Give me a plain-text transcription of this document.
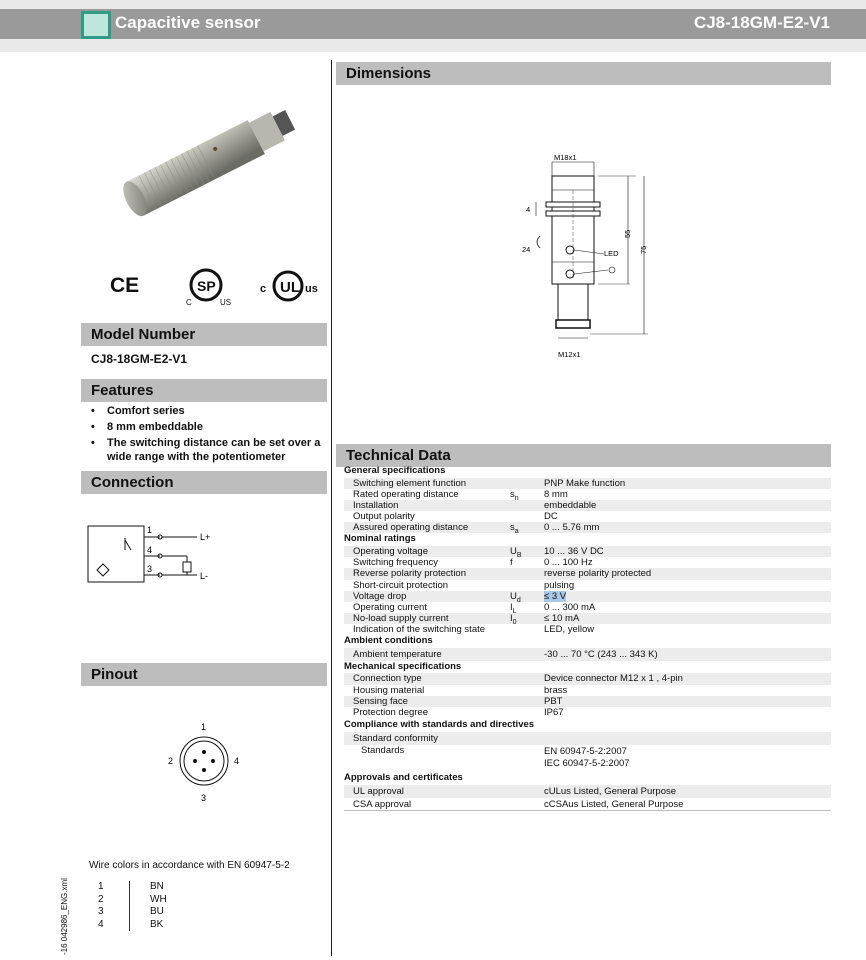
Capacitive sensor	CJ8-18GM-E2-V1
CE	SP
C	US
c UL us
Model Number
CJ8-18GM-E2-V1
Features
• Comfort series
• 8 mm embeddable
• The switching distance can be set over a wide range with the potentiometer
Connection
1
4
3
L+
L-
Pinout
1
2	4
3
Wire colors in accordance with EN 60947-5-2
1	BN
2	WH
3	BU
4	BK
-16 042986_ENG.xml
Dimensions
M18x1
M12x1
4
24
55
75
LED
Technical Data
General specifications
Switching element function	PNP Make function
Rated operating distance	$s_n$	8 mm
Installation	embeddable
Output polarity	DC
Assured operating distance	$s_a$	0 ... 5.76 mm
Nominal ratings
Operating voltage	$U_B$	10 ... 36 V DC
Switching frequency	f	0 ... 100 Hz
Reverse polarity protection	reverse polarity protected
Short-circuit protection	pulsing
Voltage drop	$U_d$	≤ 3 V
Operating current	$I_L$	0 ... 300 mA
No-load supply current	$I_0$	≤ 10 mA
Indication of the switching state	LED, yellow
Ambient conditions
Ambient temperature	-30 ... 70 °C (243 ... 343 K)
Mechanical specifications
Connection type	Device connector M12 x 1 , 4-pin
Housing material	brass
Sensing face	PBT
Protection degree	IP67
Compliance with standards and directives
Standard conformity
Standards	EN 60947-5-2:2007
IEC 60947-5-2:2007
Approvals and certificates
UL approval	cULus Listed, General Purpose
CSA approval	cCSAus Listed, General Purpose
